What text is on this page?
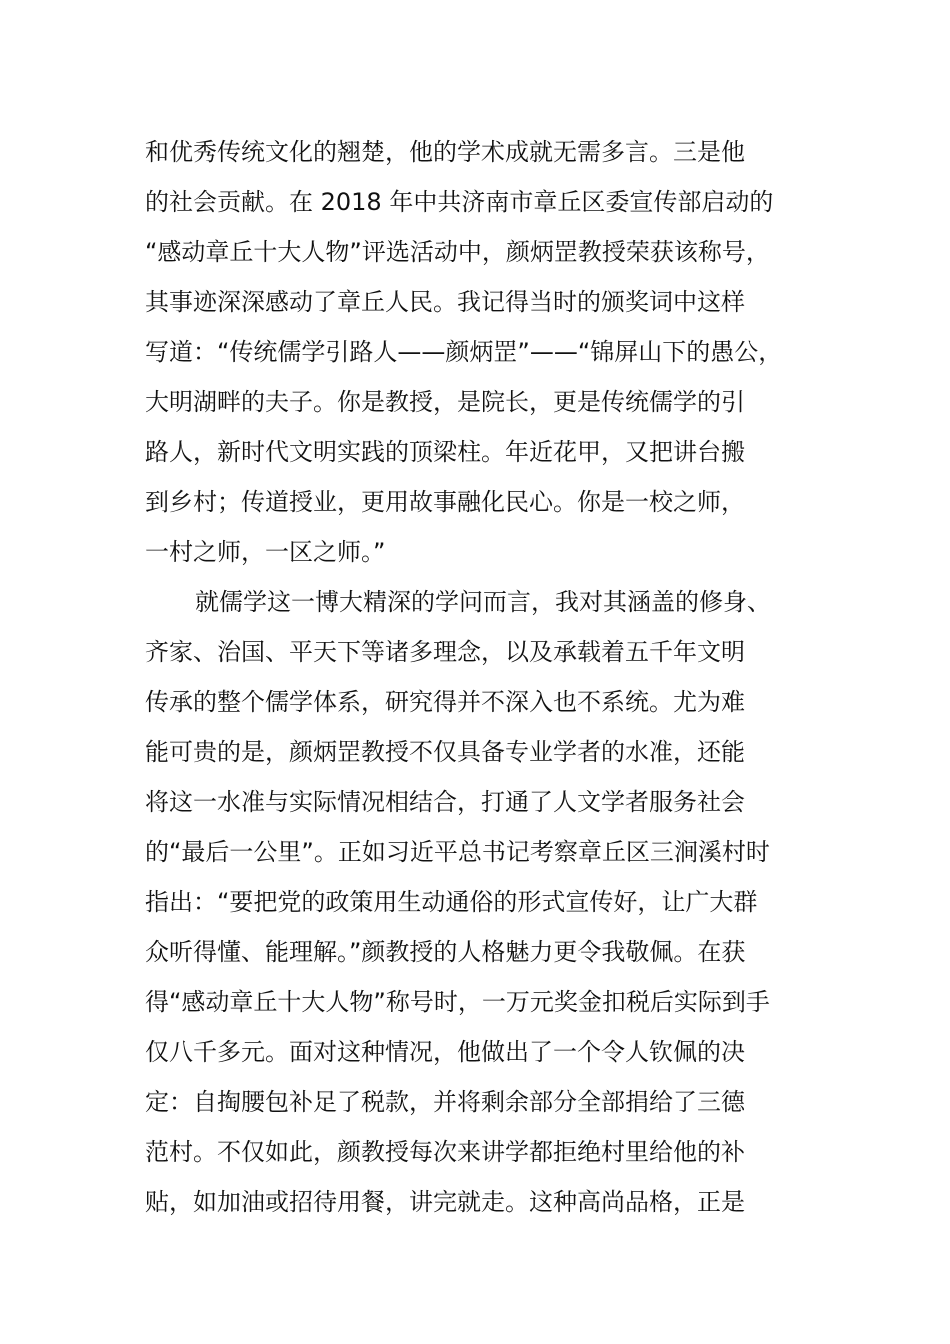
和优秀传统文化的翘楚，他的学术成就无需多言。三是他
的社会贡献。在 2018 年中共济南市章丘区委宣传部启动的
“感动章丘十大人物”评选活动中，颜炳罡教授荣获该称号，
其事迹深深感动了章丘人民。我记得当时的颁奖词中这样
写道：“传统儒学引路人——颜炳罡”——“锦屏山下的愚公，
大明湖畔的夫子。你是教授，是院长，更是传统儒学的引
路人，新时代文明实践的顶梁柱。年近花甲，又把讲台搬
到乡村；传道授业，更用故事融化民心。你是一校之师，
一村之师，一区之师。”
就儒学这一博大精深的学问而言，我对其涵盖的修身、
齐家、治国、平天下等诸多理念，以及承载着五千年文明
传承的整个儒学体系，研究得并不深入也不系统。尤为难
能可贵的是，颜炳罡教授不仅具备专业学者的水准，还能
将这一水准与实际情况相结合，打通了人文学者服务社会
的“最后一公里”。正如习近平总书记考察章丘区三涧溪村时
指出：“要把党的政策用生动通俗的形式宣传好，让广大群
众听得懂、能理解。”颜教授的人格魅力更令我敬佩。在获
得“感动章丘十大人物”称号时，一万元奖金扣税后实际到手
仅八千多元。面对这种情况，他做出了一个令人钦佩的决
定：自掏腰包补足了税款，并将剩余部分全部捐给了三德
范村。不仅如此，颜教授每次来讲学都拒绝村里给他的补
贴，如加油或招待用餐，讲完就走。这种高尚品格，正是
